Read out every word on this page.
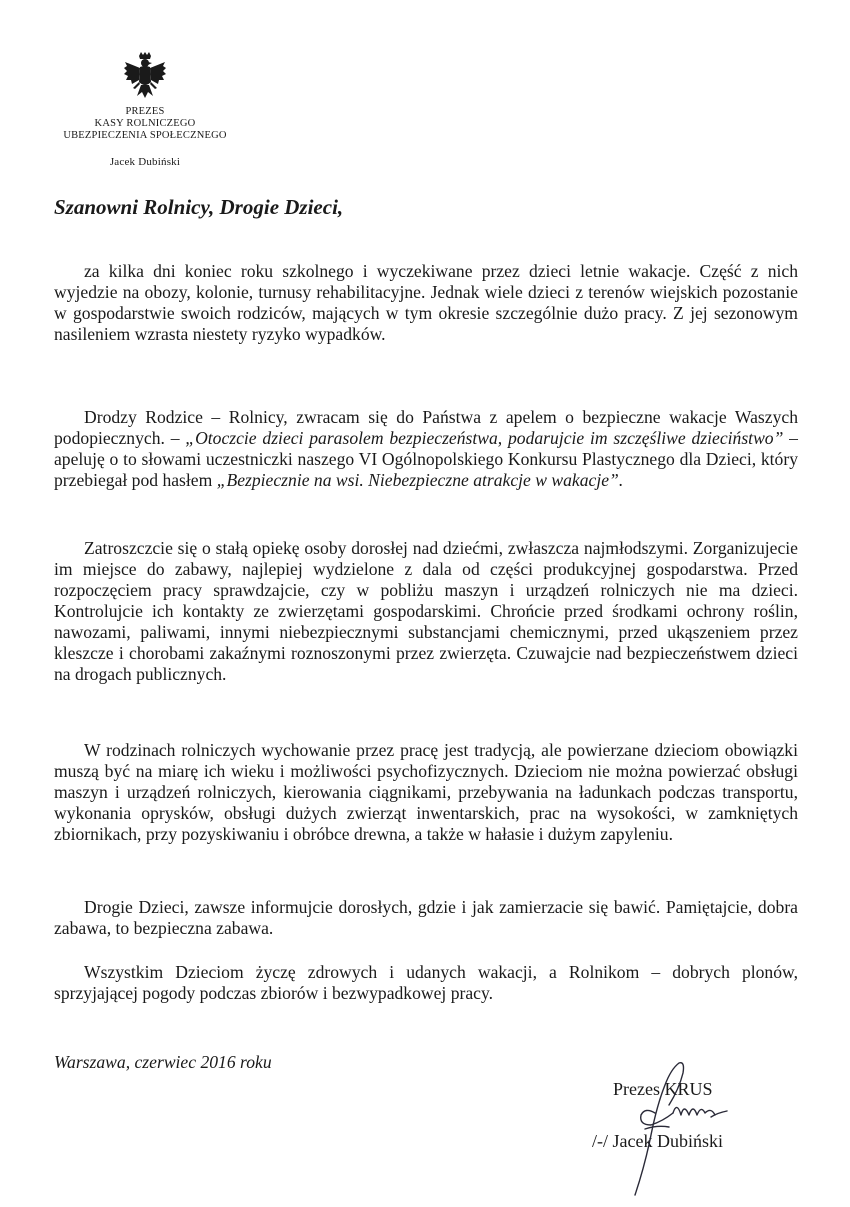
PREZES
KASY ROLNICZEGO
UBEZPIECZENIA SPOŁECZNEGO
Jacek Dubiński
Szanowni Rolnicy, Drogie Dzieci,

za kilka dni koniec roku szkolnego i wyczekiwane przez dzieci letnie wakacje. Część z nich wyjedzie na obozy, kolonie, turnusy rehabilitacyjne. Jednak wiele dzieci z terenów wiejskich pozostanie w gospodarstwie swoich rodziców, mających w tym okresie szczególnie dużo pracy. Z jej sezonowym nasileniem wzrasta niestety ryzyko wypadków.

Drodzy Rodzice – Rolnicy, zwracam się do Państwa z apelem o bezpieczne wakacje Waszych podopiecznych. – „Otoczcie dzieci parasolem bezpieczeństwa, podarujcie im szczęśliwe dzieciństwo” – apeluję o to słowami uczestniczki naszego VI Ogólnopolskiego Konkursu Plastycznego dla Dzieci, który przebiegał pod hasłem „Bezpiecznie na wsi. Niebezpieczne atrakcje w wakacje”.

Zatroszczcie się o stałą opiekę osoby dorosłej nad dziećmi, zwłaszcza najmłodszymi. Zorganizujecie im miejsce do zabawy, najlepiej wydzielone z dala od części produkcyjnej gospodarstwa. Przed rozpoczęciem pracy sprawdzajcie, czy w pobliżu maszyn i urządzeń rolniczych nie ma dzieci. Kontrolujcie ich kontakty ze zwierzętami gospodarskimi. Chrońcie przed środkami ochrony roślin, nawozami, paliwami, innymi niebezpiecznymi substancjami chemicznymi, przed ukąszeniem przez kleszcze i chorobami zakaźnymi roznoszonymi przez zwierzęta. Czuwajcie nad bezpieczeństwem dzieci na drogach publicznych.

W rodzinach rolniczych wychowanie przez pracę jest tradycją, ale powierzane dzieciom obowiązki muszą być na miarę ich wieku i możliwości psychofizycznych. Dzieciom nie można powierzać obsługi maszyn i urządzeń rolniczych, kierowania ciągnikami, przebywania na ładunkach podczas transportu, wykonania oprysków, obsługi dużych zwierząt inwentarskich, prac na wysokości, w zamkniętych zbiornikach, przy pozyskiwaniu i obróbce drewna, a także w hałasie i dużym zapyleniu.

Drogie Dzieci, zawsze informujcie dorosłych, gdzie i jak zamierzacie się bawić. Pamiętajcie, dobra zabawa, to bezpieczna zabawa.

Wszystkim Dzieciom życzę zdrowych i udanych wakacji, a Rolnikom – dobrych plonów, sprzyjającej pogody podczas zbiorów i bezwypadkowej pracy.

Warszawa, czerwiec 2016 roku
Prezes KRUS
/-/ Jacek Dubiński
